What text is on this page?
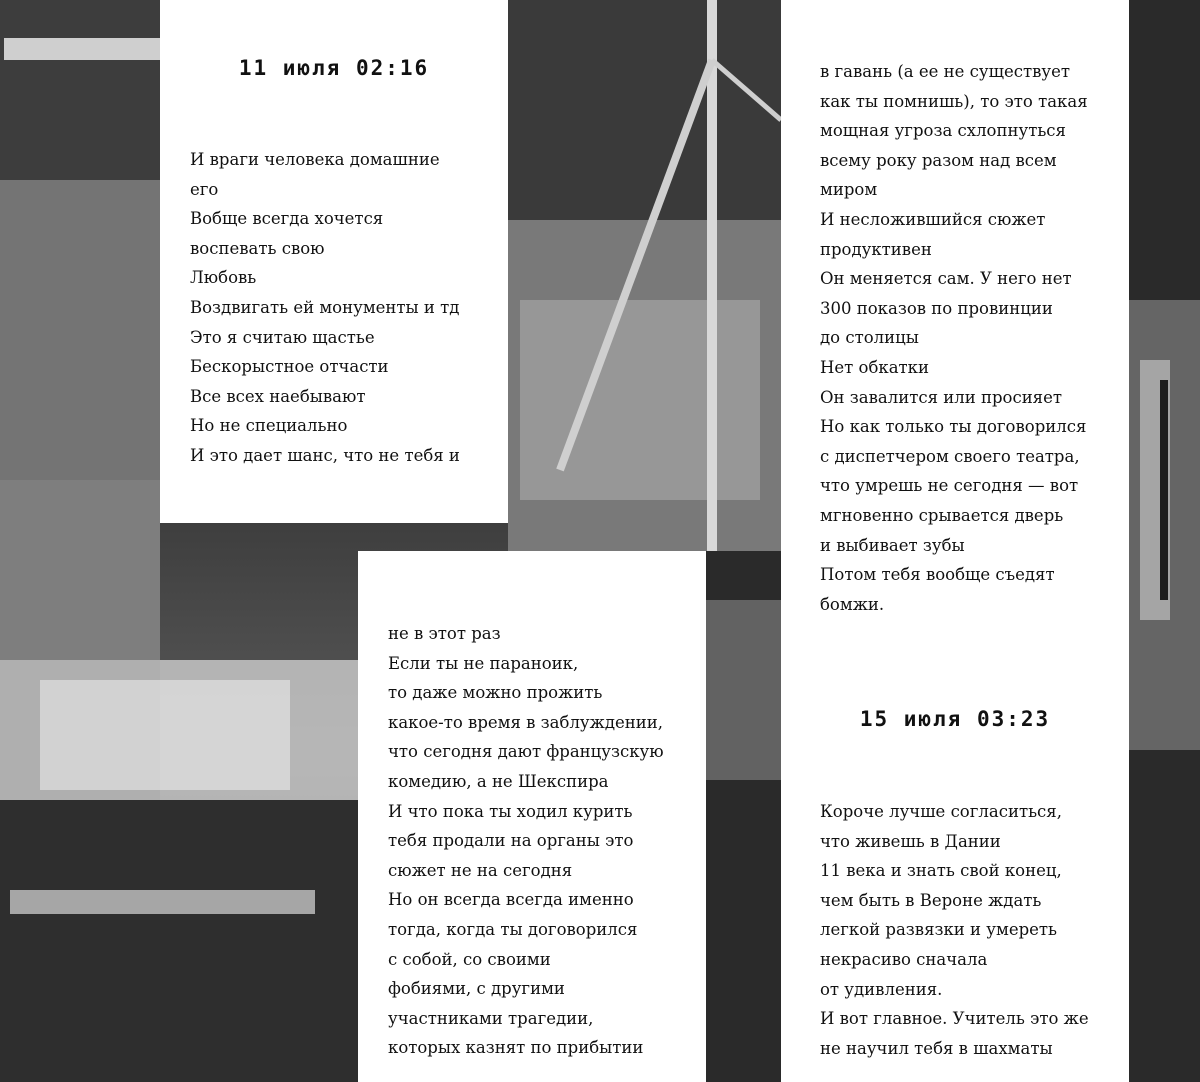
11 июля 02:16
И враги человека домашние
его
Вобще всегда хочется
воспевать свою
Любовь
Воздвигать ей монументы и тд
Это я считаю щастье
Бескорыстное отчасти
Все всех наебывают
Но не специально
И это дает шанс, что не тебя и
не в этот раз
Если ты не параноик,
то даже можно прожить
какое-то время в заблуждении,
что сегодня дают французскую
комедию, а не Шекспира
И что пока ты ходил курить
тебя продали на органы это
сюжет не на сегодня
Но он всегда всегда именно
тогда, когда ты договорился
с собой, со своими
фобиями, с другими
участниками трагедии,
которых казнят по прибытии
в гавань (а ее не существует
как ты помнишь), то это такая
мощная угроза схлопнуться
всему року разом над всем
миром
И несложившийся сюжет
продуктивен
Он меняется сам. У него нет
300 показов по провинции
до столицы
Нет обкатки
Он завалится или просияет
Но как только ты договорился
с диспетчером своего театра,
что умрешь не сегодня — вот
мгновенно срывается дверь
и выбивает зубы
Потом тебя вообще съедят
бомжи.
15 июля 03:23
Короче лучше согласиться,
что живешь в Дании
11 века и знать свой конец,
чем быть в Вероне ждать
легкой развязки и умереть
некрасиво сначала
от удивления.
И вот главное. Учитель это же
не научил тебя в шахматы
